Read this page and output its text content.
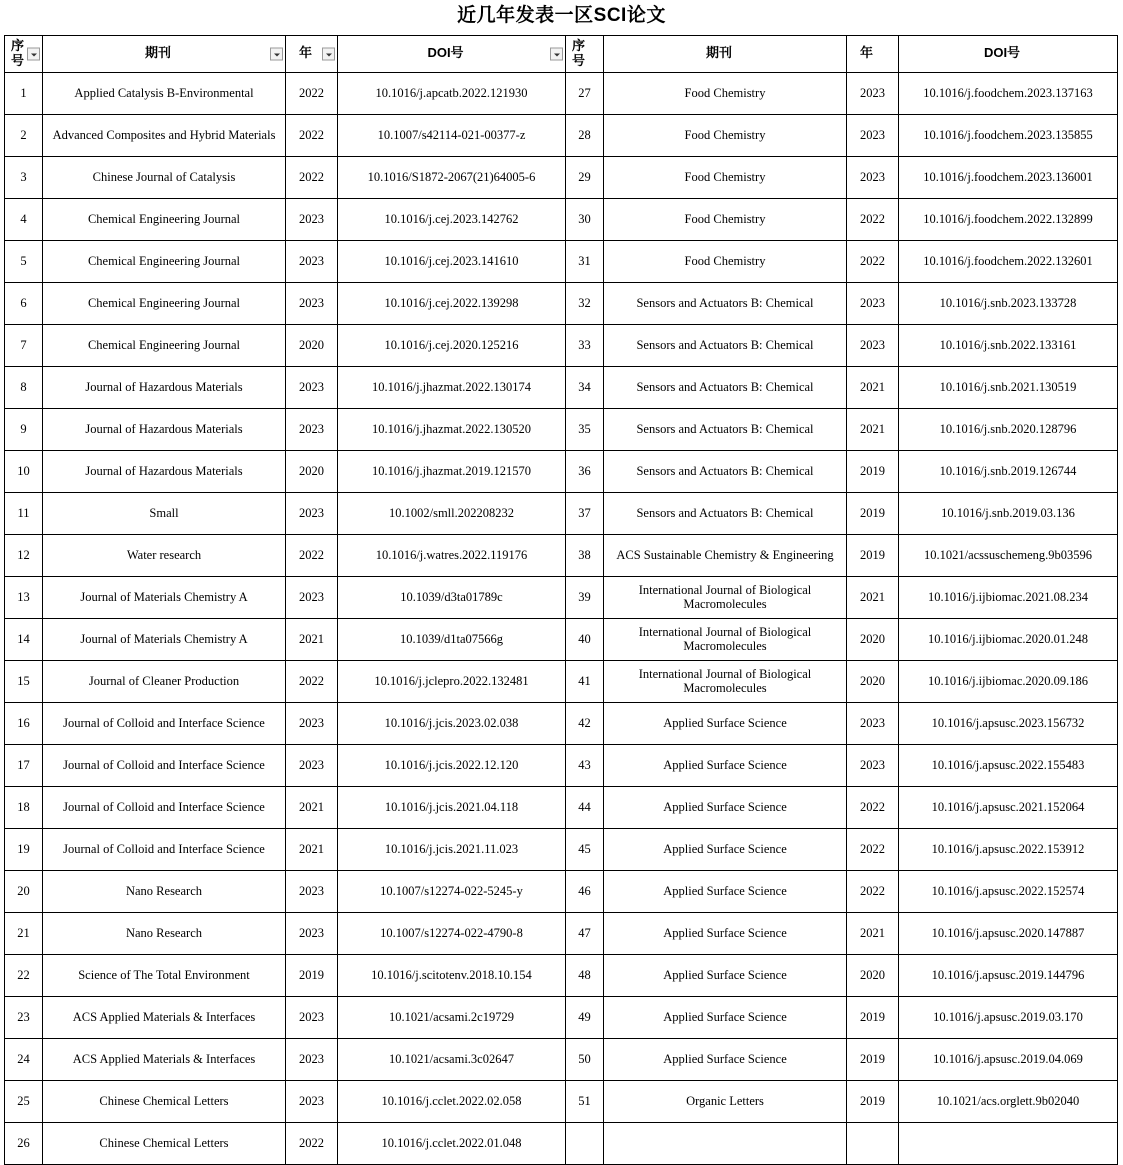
近几年发表一区SCI论文
序号	期刊	年	DOI号	序号	期刊	年	DOI号

1	Applied Catalysis B-Environmental	2022	10.1016/j.apcatb.2022.121930	27	Food Chemistry	2023	10.1016/j.foodchem.2023.137163
2	Advanced Composites and Hybrid Materials	2022	10.1007/s42114-021-00377-z	28	Food Chemistry	2023	10.1016/j.foodchem.2023.135855
3	Chinese Journal of Catalysis	2022	10.1016/S1872-2067(21)64005-6	29	Food Chemistry	2023	10.1016/j.foodchem.2023.136001
4	Chemical Engineering Journal	2023	10.1016/j.cej.2023.142762	30	Food Chemistry	2022	10.1016/j.foodchem.2022.132899
5	Chemical Engineering Journal	2023	10.1016/j.cej.2023.141610	31	Food Chemistry	2022	10.1016/j.foodchem.2022.132601
6	Chemical Engineering Journal	2023	10.1016/j.cej.2022.139298	32	Sensors and Actuators B: Chemical	2023	10.1016/j.snb.2023.133728
7	Chemical Engineering Journal	2020	10.1016/j.cej.2020.125216	33	Sensors and Actuators B: Chemical	2023	10.1016/j.snb.2022.133161
8	Journal of Hazardous Materials	2023	10.1016/j.jhazmat.2022.130174	34	Sensors and Actuators B: Chemical	2021	10.1016/j.snb.2021.130519
9	Journal of Hazardous Materials	2023	10.1016/j.jhazmat.2022.130520	35	Sensors and Actuators B: Chemical	2021	10.1016/j.snb.2020.128796
10	Journal of Hazardous Materials	2020	10.1016/j.jhazmat.2019.121570	36	Sensors and Actuators B: Chemical	2019	10.1016/j.snb.2019.126744
11	Small	2023	10.1002/smll.202208232	37	Sensors and Actuators B: Chemical	2019	10.1016/j.snb.2019.03.136
12	Water research	2022	10.1016/j.watres.2022.119176	38	ACS Sustainable Chemistry & Engineering	2019	10.1021/acssuschemeng.9b03596
13	Journal of Materials Chemistry A	2023	10.1039/d3ta01789c	39	International Journal of Biological Macromolecules	2021	10.1016/j.ijbiomac.2021.08.234
14	Journal of Materials Chemistry A	2021	10.1039/d1ta07566g	40	International Journal of Biological Macromolecules	2020	10.1016/j.ijbiomac.2020.01.248
15	Journal of Cleaner Production	2022	10.1016/j.jclepro.2022.132481	41	International Journal of Biological Macromolecules	2020	10.1016/j.ijbiomac.2020.09.186
16	Journal of Colloid and Interface Science	2023	10.1016/j.jcis.2023.02.038	42	Applied Surface Science	2023	10.1016/j.apsusc.2023.156732
17	Journal of Colloid and Interface Science	2023	10.1016/j.jcis.2022.12.120	43	Applied Surface Science	2023	10.1016/j.apsusc.2022.155483
18	Journal of Colloid and Interface Science	2021	10.1016/j.jcis.2021.04.118	44	Applied Surface Science	2022	10.1016/j.apsusc.2021.152064
19	Journal of Colloid and Interface Science	2021	10.1016/j.jcis.2021.11.023	45	Applied Surface Science	2022	10.1016/j.apsusc.2022.153912
20	Nano Research	2023	10.1007/s12274-022-5245-y	46	Applied Surface Science	2022	10.1016/j.apsusc.2022.152574
21	Nano Research	2023	10.1007/s12274-022-4790-8	47	Applied Surface Science	2021	10.1016/j.apsusc.2020.147887
22	Science of The Total Environment	2019	10.1016/j.scitotenv.2018.10.154	48	Applied Surface Science	2020	10.1016/j.apsusc.2019.144796
23	ACS Applied Materials & Interfaces	2023	10.1021/acsami.2c19729	49	Applied Surface Science	2019	10.1016/j.apsusc.2019.03.170
24	ACS Applied Materials & Interfaces	2023	10.1021/acsami.3c02647	50	Applied Surface Science	2019	10.1016/j.apsusc.2019.04.069
25	Chinese Chemical Letters	2023	10.1016/j.cclet.2022.02.058	51	Organic Letters	2019	10.1021/acs.orglett.9b02040
26	Chinese Chemical Letters	2022	10.1016/j.cclet.2022.01.048				
